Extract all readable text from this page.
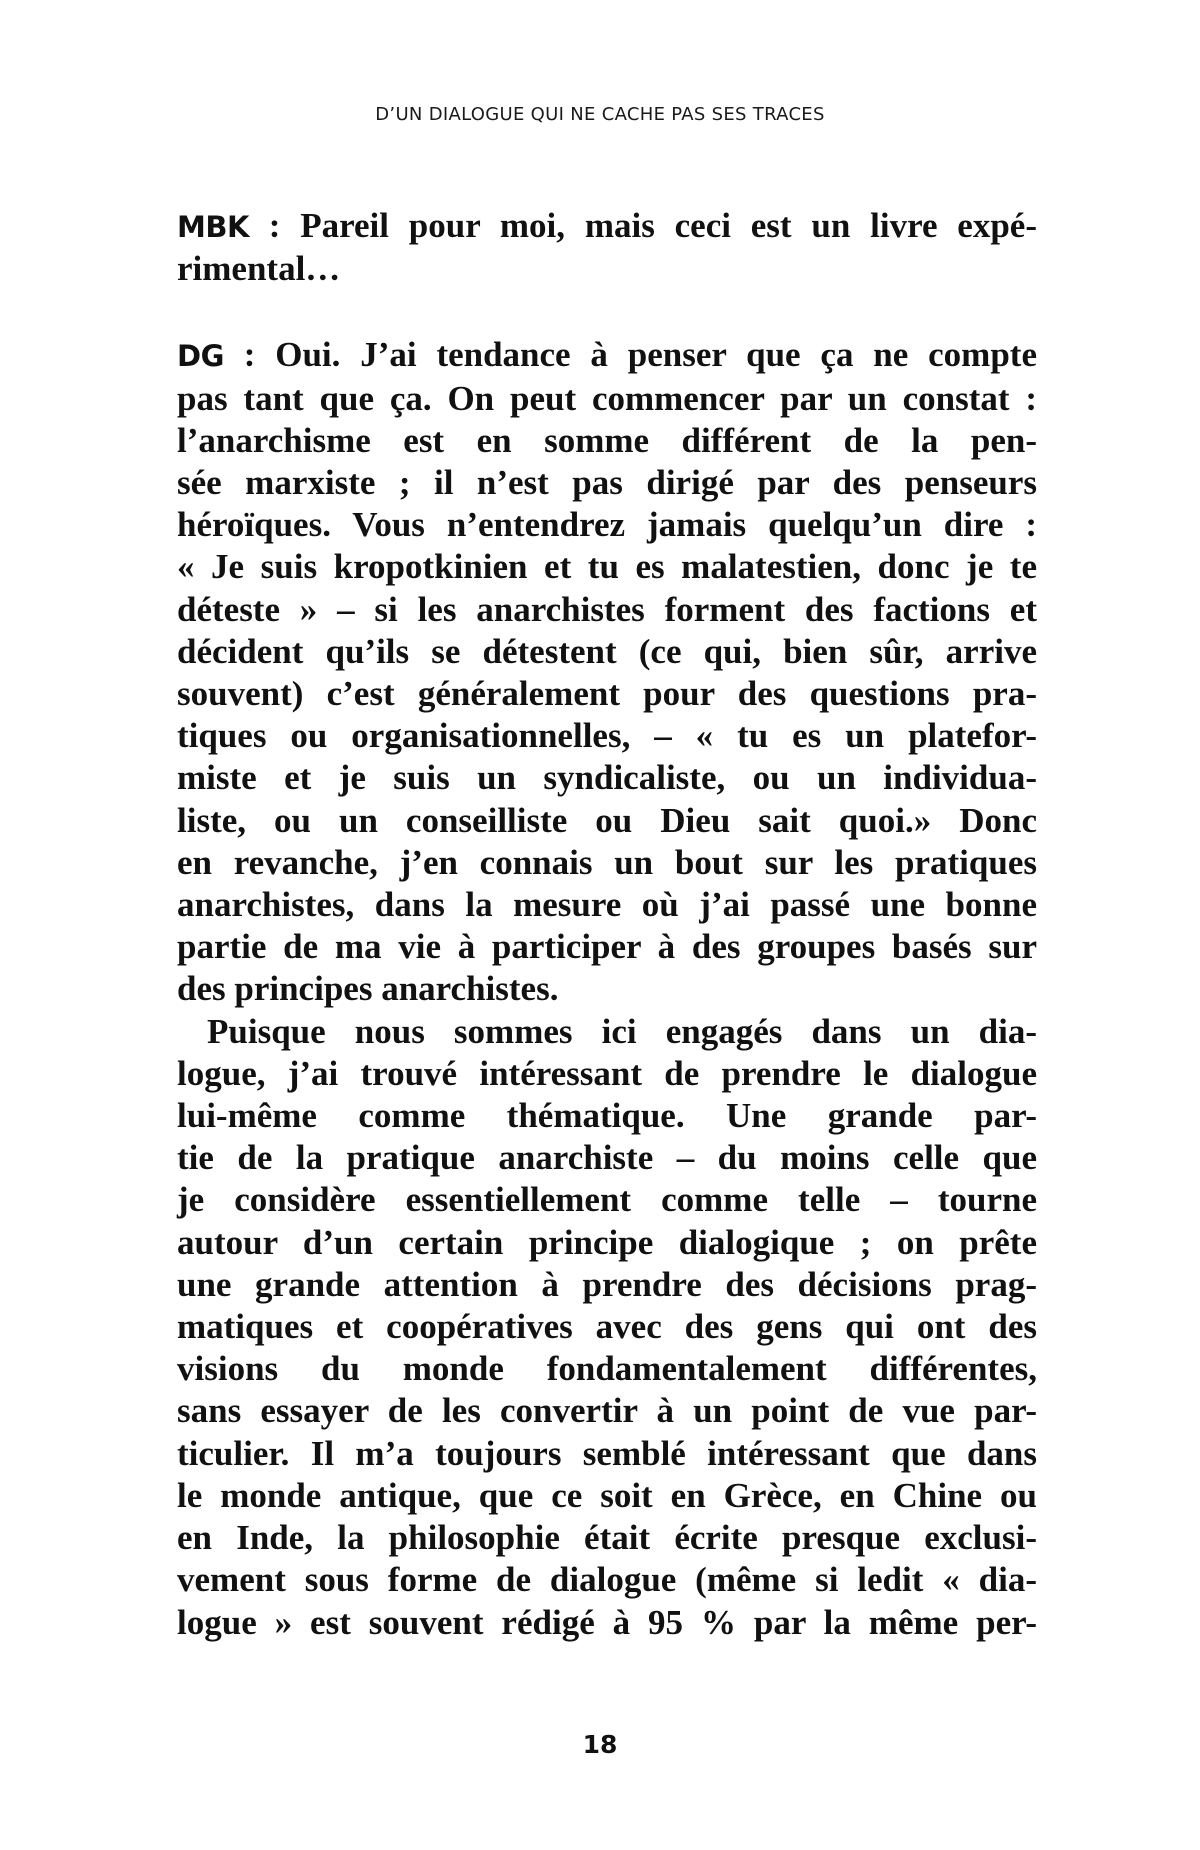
D’UN DIALOGUE QUI NE CACHE PAS SES TRACES
MBK : Pareil pour moi, mais ceci est un livre expé-
rimental…
DG : Oui. J’ai tendance à penser que ça ne compte
pas tant que ça. On peut commencer par un constat :
l’anarchisme est en somme différent de la pen-
sée marxiste ; il n’est pas dirigé par des penseurs
héroïques. Vous n’entendrez jamais quelqu’un dire :
« Je suis kropotkinien et tu es malatestien, donc je te
déteste » – si les anarchistes forment des factions et
décident qu’ils se détestent (ce qui, bien sûr, arrive
souvent) c’est généralement pour des questions pra-
tiques ou organisationnelles, – « tu es un platefor-
miste et je suis un syndicaliste, ou un individua-
liste, ou un conseilliste ou Dieu sait quoi.» Donc
en revanche, j’en connais un bout sur les pratiques
anarchistes, dans la mesure où j’ai passé une bonne
partie de ma vie à participer à des groupes basés sur
des principes anarchistes.
Puisque nous sommes ici engagés dans un dia-
logue, j’ai trouvé intéressant de prendre le dialogue
lui-même comme thématique. Une grande par-
tie de la pratique anarchiste – du moins celle que
je considère essentiellement comme telle – tourne
autour d’un certain principe dialogique ; on prête
une grande attention à prendre des décisions prag-
matiques et coopératives avec des gens qui ont des
visions du monde fondamentalement différentes,
sans essayer de les convertir à un point de vue par-
ticulier. Il m’a toujours semblé intéressant que dans
le monde antique, que ce soit en Grèce, en Chine ou
en Inde, la philosophie était écrite presque exclusi-
vement sous forme de dialogue (même si ledit « dia-
logue » est souvent rédigé à 95 % par la même per-
18
